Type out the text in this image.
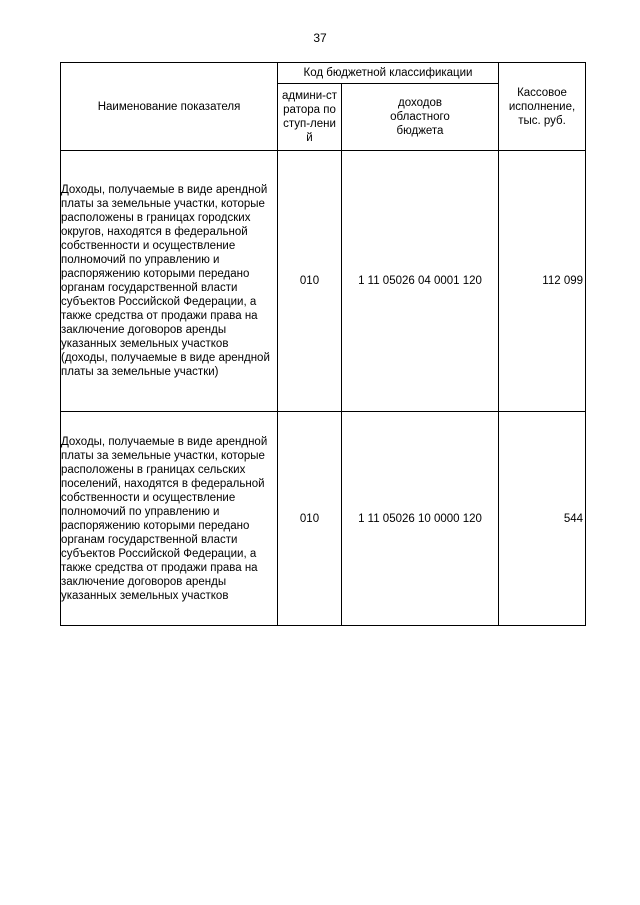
37
Наименование показателя	Код бюджетной классификации		Кассовое исполнение, тыс. руб.

	админи-стратора поступ-лений	доходов областного бюджета	

Доходы, получаемые в виде арендной платы за земельные участки, которые расположены в границах городских округов, находятся в федеральной собственности и осуществление полномочий по управлению и распоряжению которыми передано органам государственной власти субъектов Российской Федерации, а также средства от продажи права на заключение договоров аренды указанных земельных участков (доходы, получаемые в виде арендной платы за земельные участки)	010	1 11 05026 04 0001 120	112 099
Доходы, получаемые в виде арендной платы за земельные участки, которые расположены в границах сельских поселений, находятся в федеральной собственности и осуществление полномочий по управлению и распоряжению которыми передано органам государственной власти субъектов Российской Федерации, а также средства от продажи права на заключение договоров аренды указанных земельных участков	010	1 11 05026 10 0000 120	544
